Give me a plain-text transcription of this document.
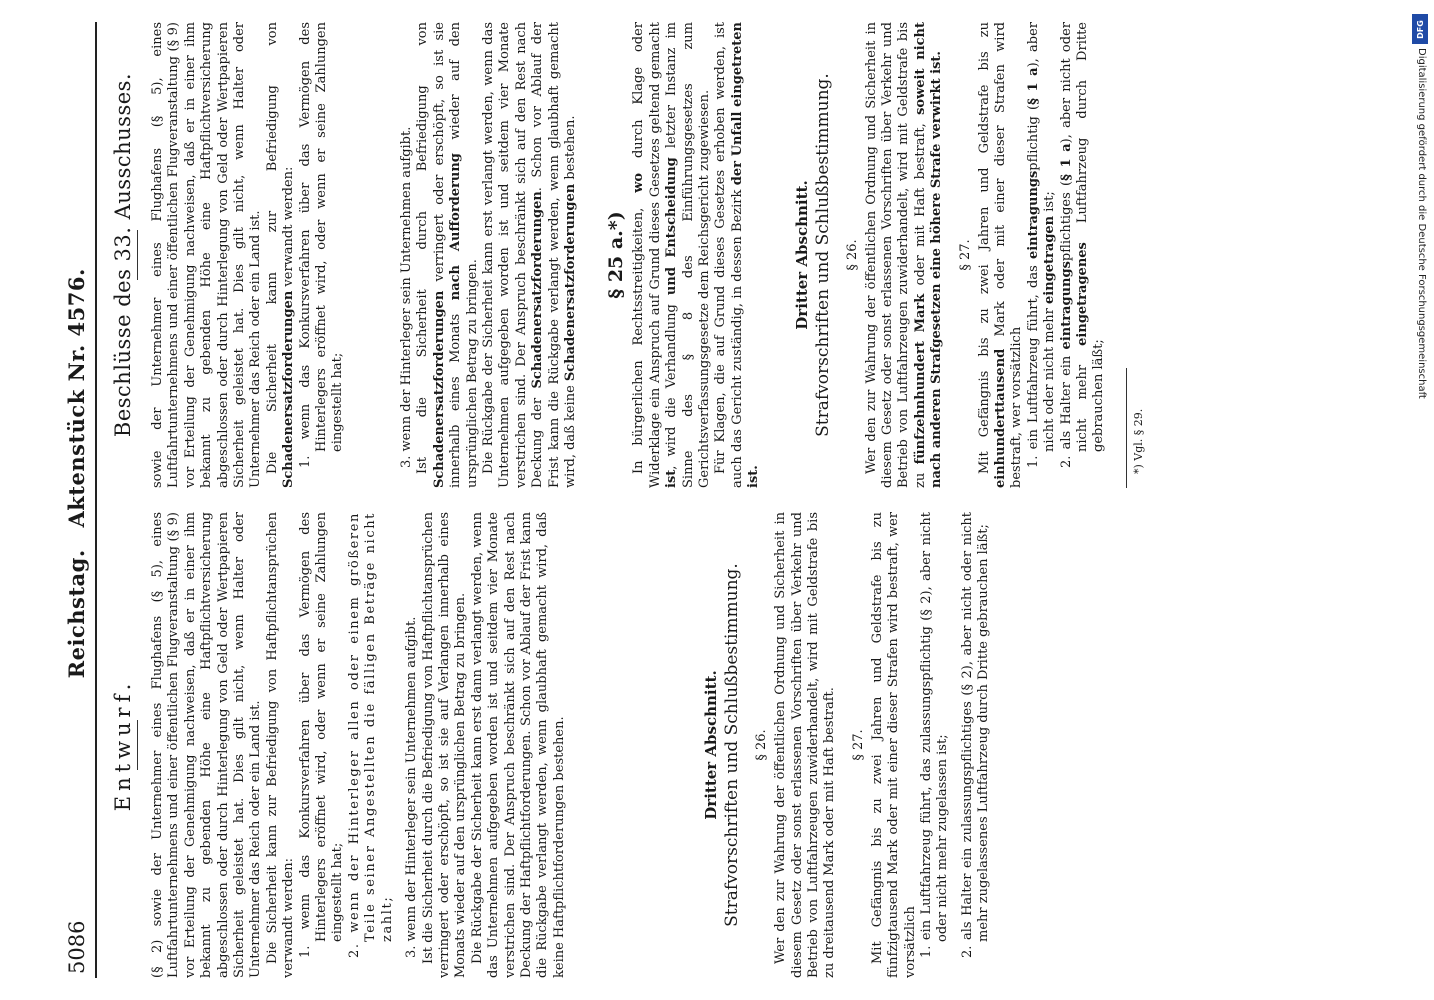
5086
Reichstag. Aktenstück Nr. 4576.
Entwurf. (§ 2) sowie der Unternehmer eines Flughafens (§ 5), eines Luftfahrtunternehmens und einer öffentlichen Flugveranstaltung (§ 9) vor Erteilung der Genehmigung nachweisen, daß er in einer ihm bekannt zu gebenden Höhe eine Haftpflichtversicherung abgeschlossen oder durch Hinterlegung von Geld oder Wertpapieren Sicherheit geleistet hat. Dies gilt nicht, wenn Halter oder Unternehmer das Reich oder ein Land ist. Die Sicherheit kann zur Befriedigung von Haftpflichtansprüchen verwandt werden: 1. wenn das Konkursverfahren über das Vermögen des Hinterlegers eröffnet wird, oder wenn er seine Zahlungen eingestellt hat; 2. wenn der Hinterleger allen oder einem größeren Teile seiner Angestellten die fälligen Beträge nicht zahlt; 3. wenn der Hinterleger sein Unternehmen aufgibt. Ist die Sicherheit durch die Befriedigung von Haftpflichtansprüchen verringert oder erschöpft, so ist sie auf Verlangen innerhalb eines Monats wieder auf den ursprünglichen Betrag zu bringen. Die Rückgabe der Sicherheit kann erst dann verlangt werden, wenn das Unternehmen aufgegeben worden ist und seitdem vier Monate verstrichen sind. Der Anspruch beschränkt sich auf den Rest nach Deckung der Haftpflichtforderungen. Schon vor Ablauf der Frist kann die Rückgabe verlangt werden, wenn glaubhaft gemacht wird, daß keine Haftpflichtforderungen bestehen.	Dritter Abschnitt. Strafvorschriften und Schlußbestimmung. § 26. Wer den zur Wahrung der öffentlichen Ordnung und Sicherheit in diesem Gesetz oder sonst erlassenen Vorschriften über Verkehr und Betrieb von Luftfahrzeugen zuwiderhandelt, wird mit Geldstrafe bis zu dreitausend Mark oder mit Haft bestraft. § 27. Mit Gefängnis bis zu zwei Jahren und Geldstrafe bis zu fünfzigtausend Mark oder mit einer dieser Strafen wird bestraft, wer vorsätzlich 1. ein Luftfahrzeug führt, das zulassungspflichtig (§ 2), aber nicht oder nicht mehr zugelassen ist; 2. als Halter ein zulassungspflichtiges (§ 2), aber nicht oder nicht mehr zugelassenes Luftfahrzeug durch Dritte gebrauchen läßt;

Beschlüsse des 33. Ausschusses. sowie der Unternehmer eines Flughafens (§ 5), eines Luftfahrtunternehmens und einer öffentlichen Flugveranstaltung (§ 9) vor Erteilung der Genehmigung nachweisen, daß er in einer ihm bekannt zu gebenden Höhe eine Haftpflichtversicherung abgeschlossen oder durch Hinterlegung von Geld oder Wertpapieren Sicherheit geleistet hat. Dies gilt nicht, wenn Halter oder Unternehmer das Reich oder ein Land ist. Die Sicherheit kann zur Befriedigung von Schadenersatzforderungen verwandt werden: 1. wenn das Konkursverfahren über das Vermögen des Hinterlegers eröffnet wird, oder wenn er seine Zahlungen eingestellt hat;	3. wenn der Hinterleger sein Unternehmen aufgibt. Ist die Sicherheit durch Befriedigung von Schadenersatzforderungen verringert oder erschöpft, so ist sie innerhalb eines Monats nach Aufforderung wieder auf den ursprünglichen Betrag zu bringen. Die Rückgabe der Sicherheit kann erst verlangt werden, wenn das Unternehmen aufgegeben worden ist und seitdem vier Monate verstrichen sind. Der Anspruch beschränkt sich auf den Rest nach Deckung der Schadenersatzforderungen. Schon vor Ablauf der Frist kann die Rückgabe verlangt werden, wenn glaubhaft gemacht wird, daß keine Schadenersatzforderungen bestehen.

§ 25 a.*) In bürgerlichen Rechtsstreitigkeiten, wo durch Klage oder Widerklage ein Anspruch auf Grund dieses Gesetzes geltend gemacht ist, wird die Verhandlung und Entscheidung letzter Instanz im Sinne des § 8 des Einführungsgesetzes zum Gerichtsverfassungsgesetze dem Reichsgericht zugewiesen. Für Klagen, die auf Grund dieses Gesetzes erhoben werden, ist auch das Gericht zuständig, in dessen Bezirk der Unfall eingetreten ist.

Dritter Abschnitt. Strafvorschriften und Schlußbestimmung. § 26. Wer den zur Wahrung der öffentlichen Ordnung und Sicherheit in diesem Gesetz oder sonst erlassenen Vorschriften über Verkehr und Betrieb von Luftfahrzeugen zuwiderhandelt, wird mit Geldstrafe bis zu fünfzehnhundert Mark oder mit Haft bestraft, soweit nicht nach anderen Strafgesetzen eine höhere Strafe verwirkt ist. § 27. Mit Gefängnis bis zu zwei Jahren und Geldstrafe bis zu einhunderttausend Mark oder mit einer dieser Strafen wird bestraft, wer vorsätzlich 1. ein Luftfahrzeug führt, das eintragungspflichtig (§ 1 a), aber nicht oder nicht mehr eingetragen ist;

2. als Halter ein eintragungspflichtiges (§ 1 a), aber nicht oder nicht mehr eingetragenes Luftfahrzeug durch Dritte gebrauchen läßt; *) Vgl. § 29.

DFG
Digitalisierung gefördert durch die Deutsche Forschungsgemeinschaft
